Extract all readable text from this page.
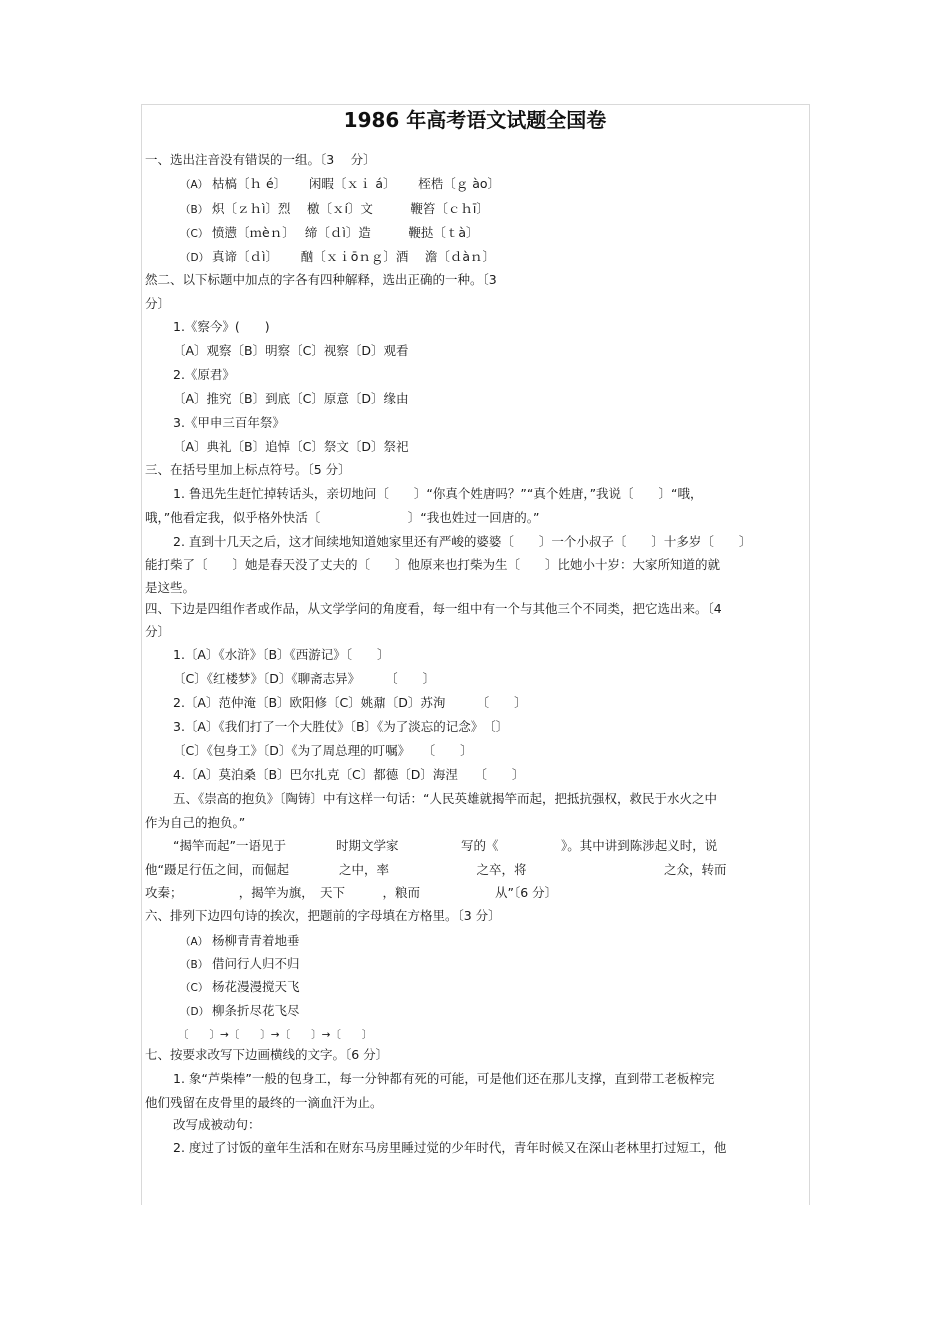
1986 年高考语文试题全国卷
一、选出注音没有错误的一组。〔3　 分〕
（A） 枯槁〔ｈ é〕　　 闲暇〔ｘｉ á〕　　 桎梏〔ｇ ào〕
（B） 炽〔ｚｈì〕烈　 檄〔ｘí〕文　　　鞭笞〔ｃｈī〕
（C） 愤懑〔ｍèｎ〕　 缔〔ｄì〕造　　　鞭挞〔ｔà〕
（D） 真谛〔ｄì〕　　 酗〔ｘｉōｎｇ〕酒　 澹〔ｄàｎ〕
然二、以下标题中加点的字各有四种解释，选出正确的一种。〔3
分〕
1.《察今》(　　)
〔A〕观察〔B〕明察〔C〕视察〔D〕观看
2.《原君》
〔A〕推究〔B〕到底〔C〕原意〔D〕缘由
3.《甲申三百年祭》
〔A〕典礼〔B〕追悼〔C〕祭文〔D〕祭祀
三、在括号里加上标点符号。〔5 分〕
1. 鲁迅先生赶忙掉转话头，亲切地问〔　　〕“你真个姓唐吗？”“真个姓唐，”我说〔　　〕“哦，
哦，”他看定我，似乎格外快活〔　　　　　　　〕“我也姓过一回唐的。”
2. 直到十几天之后，这才间续地知道她家里还有严峻的婆婆〔　　〕一个小叔子〔　　〕十多岁〔　　〕
能打柴了〔　　〕她是春天没了丈夫的〔　　〕他原来也打柴为生〔　　〕比她小十岁：大家所知道的就
是这些。
四、下边是四组作者或作品，从文学学问的角度看，每一组中有一个与其他三个不同类，把它选出来。〔4
分〕
1.〔A〕《水浒》〔B〕《西游记》〔　　〕
〔C〕《红楼梦》〔D〕《聊斋志异》　　　〔　　〕
2.〔A〕范仲淹〔B〕欧阳修〔C〕姚鼐〔D〕苏洵　　　〔　　〕
3.〔A〕《我们打了一个大胜仗》〔B〕《为了淡忘的记念》　〔〕
〔C〕《包身工》〔D〕《为了周总理的叮嘱》　　〔　　〕
4.〔A〕莫泊桑〔B〕巴尔扎克〔C〕都德〔D〕海涅　 〔　　〕
五、《崇高的抱负》〔陶铸〕中有这样一句话：“人民英雄就揭竿而起，把抵抗强权，救民于水火之中
作为自己的抱负。”
“揭竿而起”一语见于　　　　时期文学家　　　　　写的《　　　　　》。其中讲到陈涉起义时，说
他“蹑足行伍之间，而倔起　　　　之中，率　　　　　　　之卒，将　　　　　　　　　　　之众，转而
攻秦；　　　　　，揭竿为旗，　天下　　　，粮而　　　　　　从”〔6 分〕
六、排列下边四句诗的挨次，把题前的字母填在方格里。〔3 分〕
（A） 杨柳青青着地垂
（B） 借问行人归不归
（C） 杨花漫漫搅天飞
（D） 柳条折尽花飞尽
〔　　〕→〔　　〕→〔　　〕→〔　　〕
七、按要求改写下边画横线的文字。〔6 分〕
1. 象“芦柴棒”一般的包身工，每一分钟都有死的可能，可是他们还在那儿支撑，直到带工老板榨完
他们残留在皮骨里的最终的一滴血汗为止。
改写成被动句：
2. 度过了讨饭的童年生活和在财东马房里睡过觉的少年时代，青年时候又在深山老林里打过短工，他
